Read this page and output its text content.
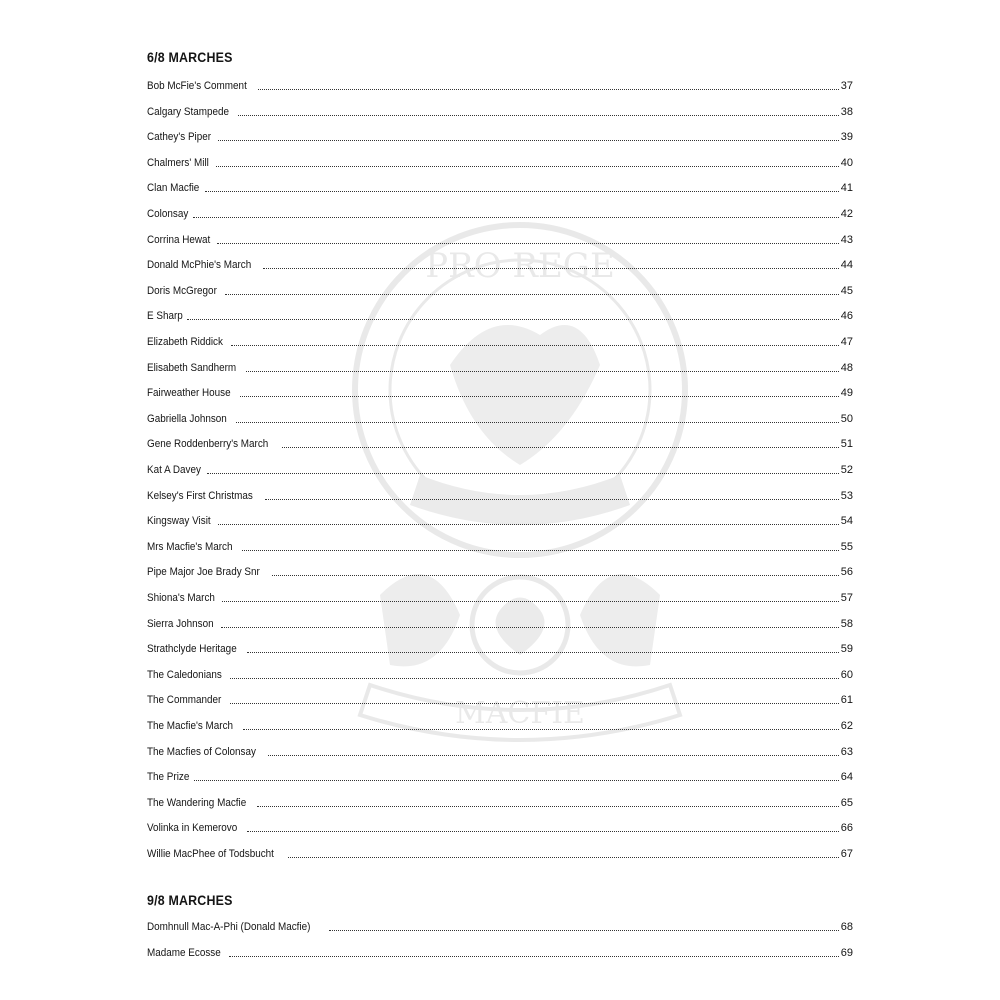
PRO REGE
MACFIE
6/8 MARCHES
Bob McFie's Comment	37
Calgary Stampede	38
Cathey's Piper	39
Chalmers' Mill	40
Clan Macfie	41
Colonsay	42
Corrina Hewat	43
Donald McPhie's March	44
Doris McGregor	45
E Sharp	46
Elizabeth Riddick	47
Elisabeth Sandherm	48
Fairweather House	49
Gabriella Johnson	50
Gene Roddenberry's March	51
Kat A Davey	52
Kelsey's First Christmas	53
Kingsway Visit	54
Mrs Macfie's March	55
Pipe Major Joe Brady Snr	56
Shiona's March	57
Sierra Johnson	58
Strathclyde Heritage	59
The Caledonians	60
The Commander	61
The Macfie's March	62
The Macfies of Colonsay	63
The Prize	64
The Wandering Macfie	65
Volinka in Kemerovo	66
Willie MacPhee of Todsbucht	67
9/8 MARCHES
Domhnull Mac-A-Phi (Donald Macfie)	68
Madame Ecosse	69
